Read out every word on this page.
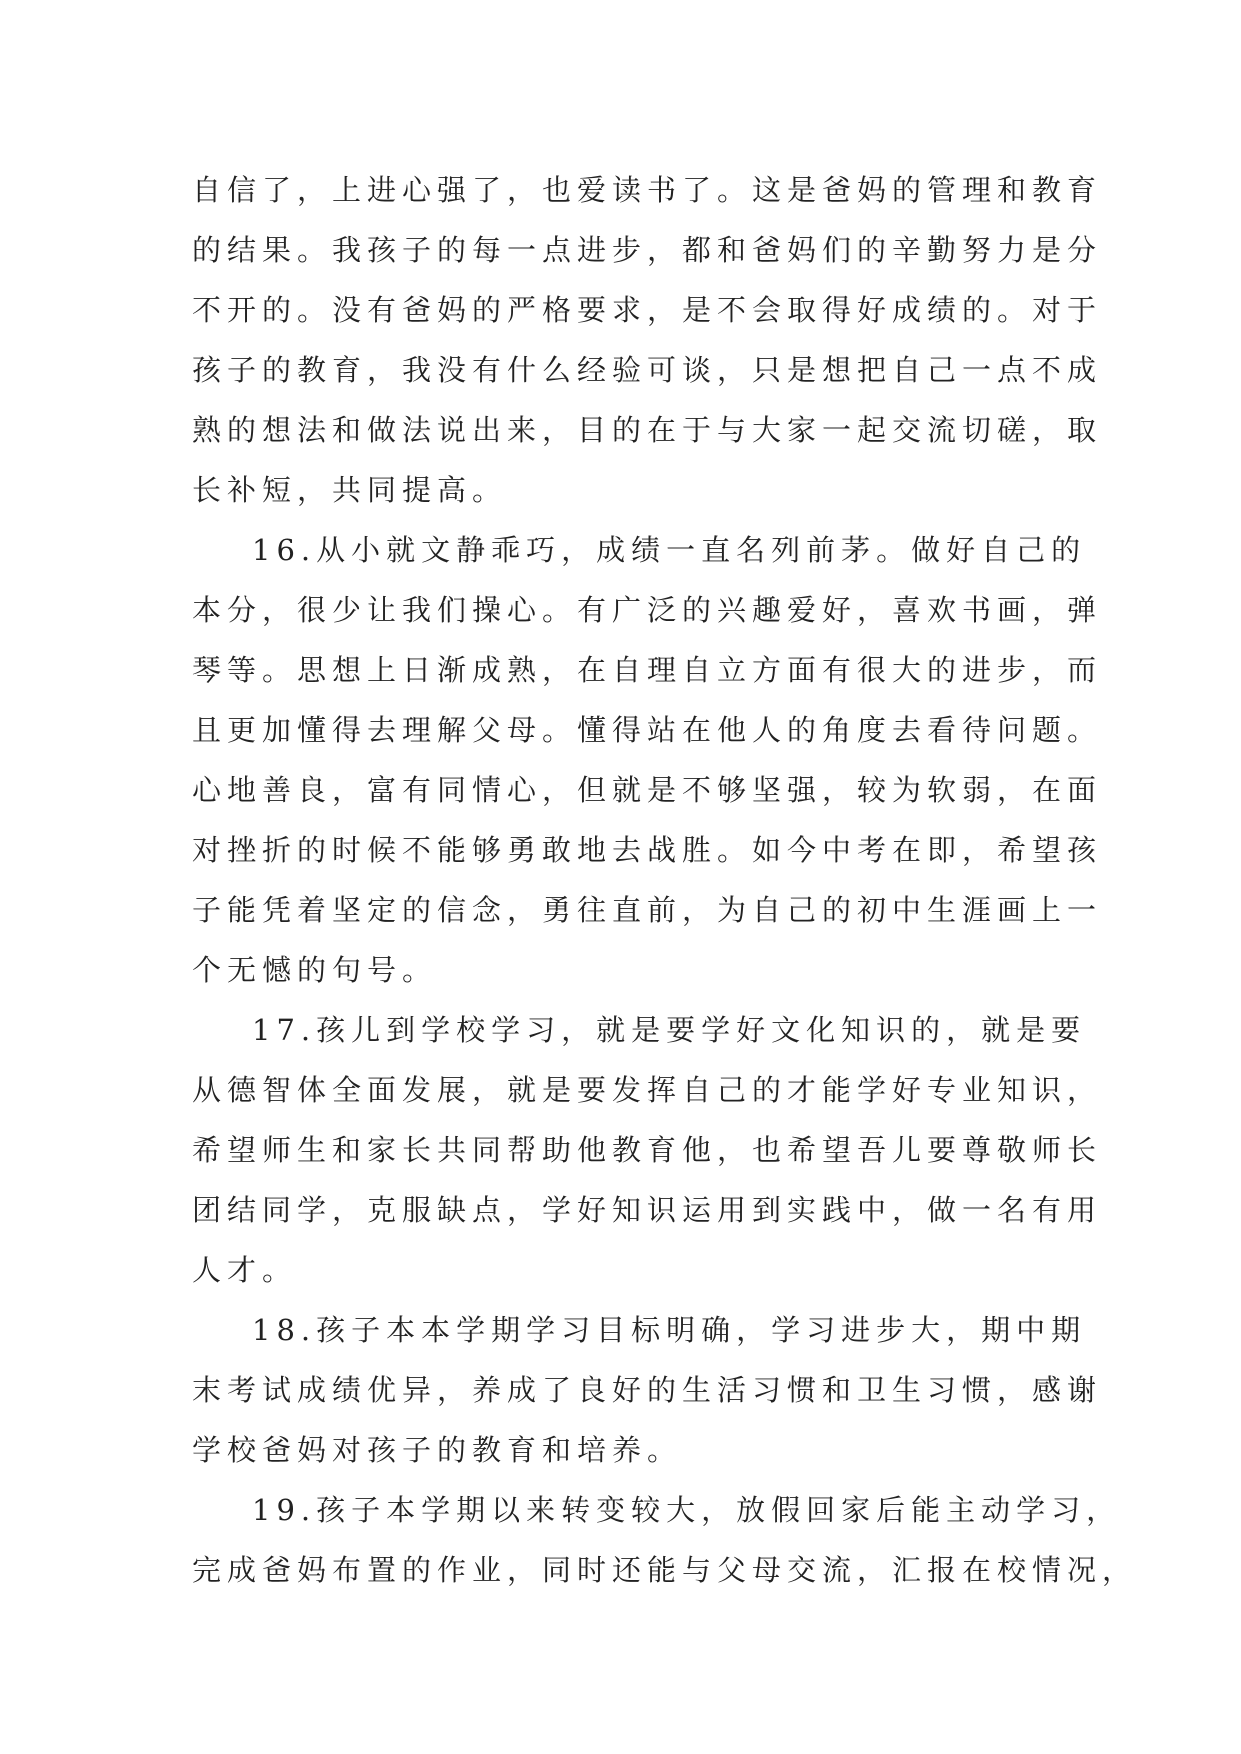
自信了，上进心强了，也爱读书了。这是爸妈的管理和教育
的结果。我孩子的每一点进步，都和爸妈们的辛勤努力是分
不开的。没有爸妈的严格要求，是不会取得好成绩的。对于
孩子的教育，我没有什么经验可谈，只是想把自己一点不成
熟的想法和做法说出来，目的在于与大家一起交流切磋，取
长补短，共同提高。
16.从小就文静乖巧，成绩一直名列前茅。做好自己的
本分，很少让我们操心。有广泛的兴趣爱好，喜欢书画，弹
琴等。思想上日渐成熟，在自理自立方面有很大的进步，而
且更加懂得去理解父母。懂得站在他人的角度去看待问题。
心地善良，富有同情心，但就是不够坚强，较为软弱，在面
对挫折的时候不能够勇敢地去战胜。如今中考在即，希望孩
子能凭着坚定的信念，勇往直前，为自己的初中生涯画上一
个无憾的句号。
17.孩儿到学校学习，就是要学好文化知识的，就是要
从德智体全面发展，就是要发挥自己的才能学好专业知识，
希望师生和家长共同帮助他教育他，也希望吾儿要尊敬师长
团结同学，克服缺点，学好知识运用到实践中，做一名有用
人才。
18.孩子本本学期学习目标明确，学习进步大，期中期
末考试成绩优异，养成了良好的生活习惯和卫生习惯，感谢
学校爸妈对孩子的教育和培养。
19.孩子本学期以来转变较大，放假回家后能主动学习，
完成爸妈布置的作业，同时还能与父母交流，汇报在校情况，
